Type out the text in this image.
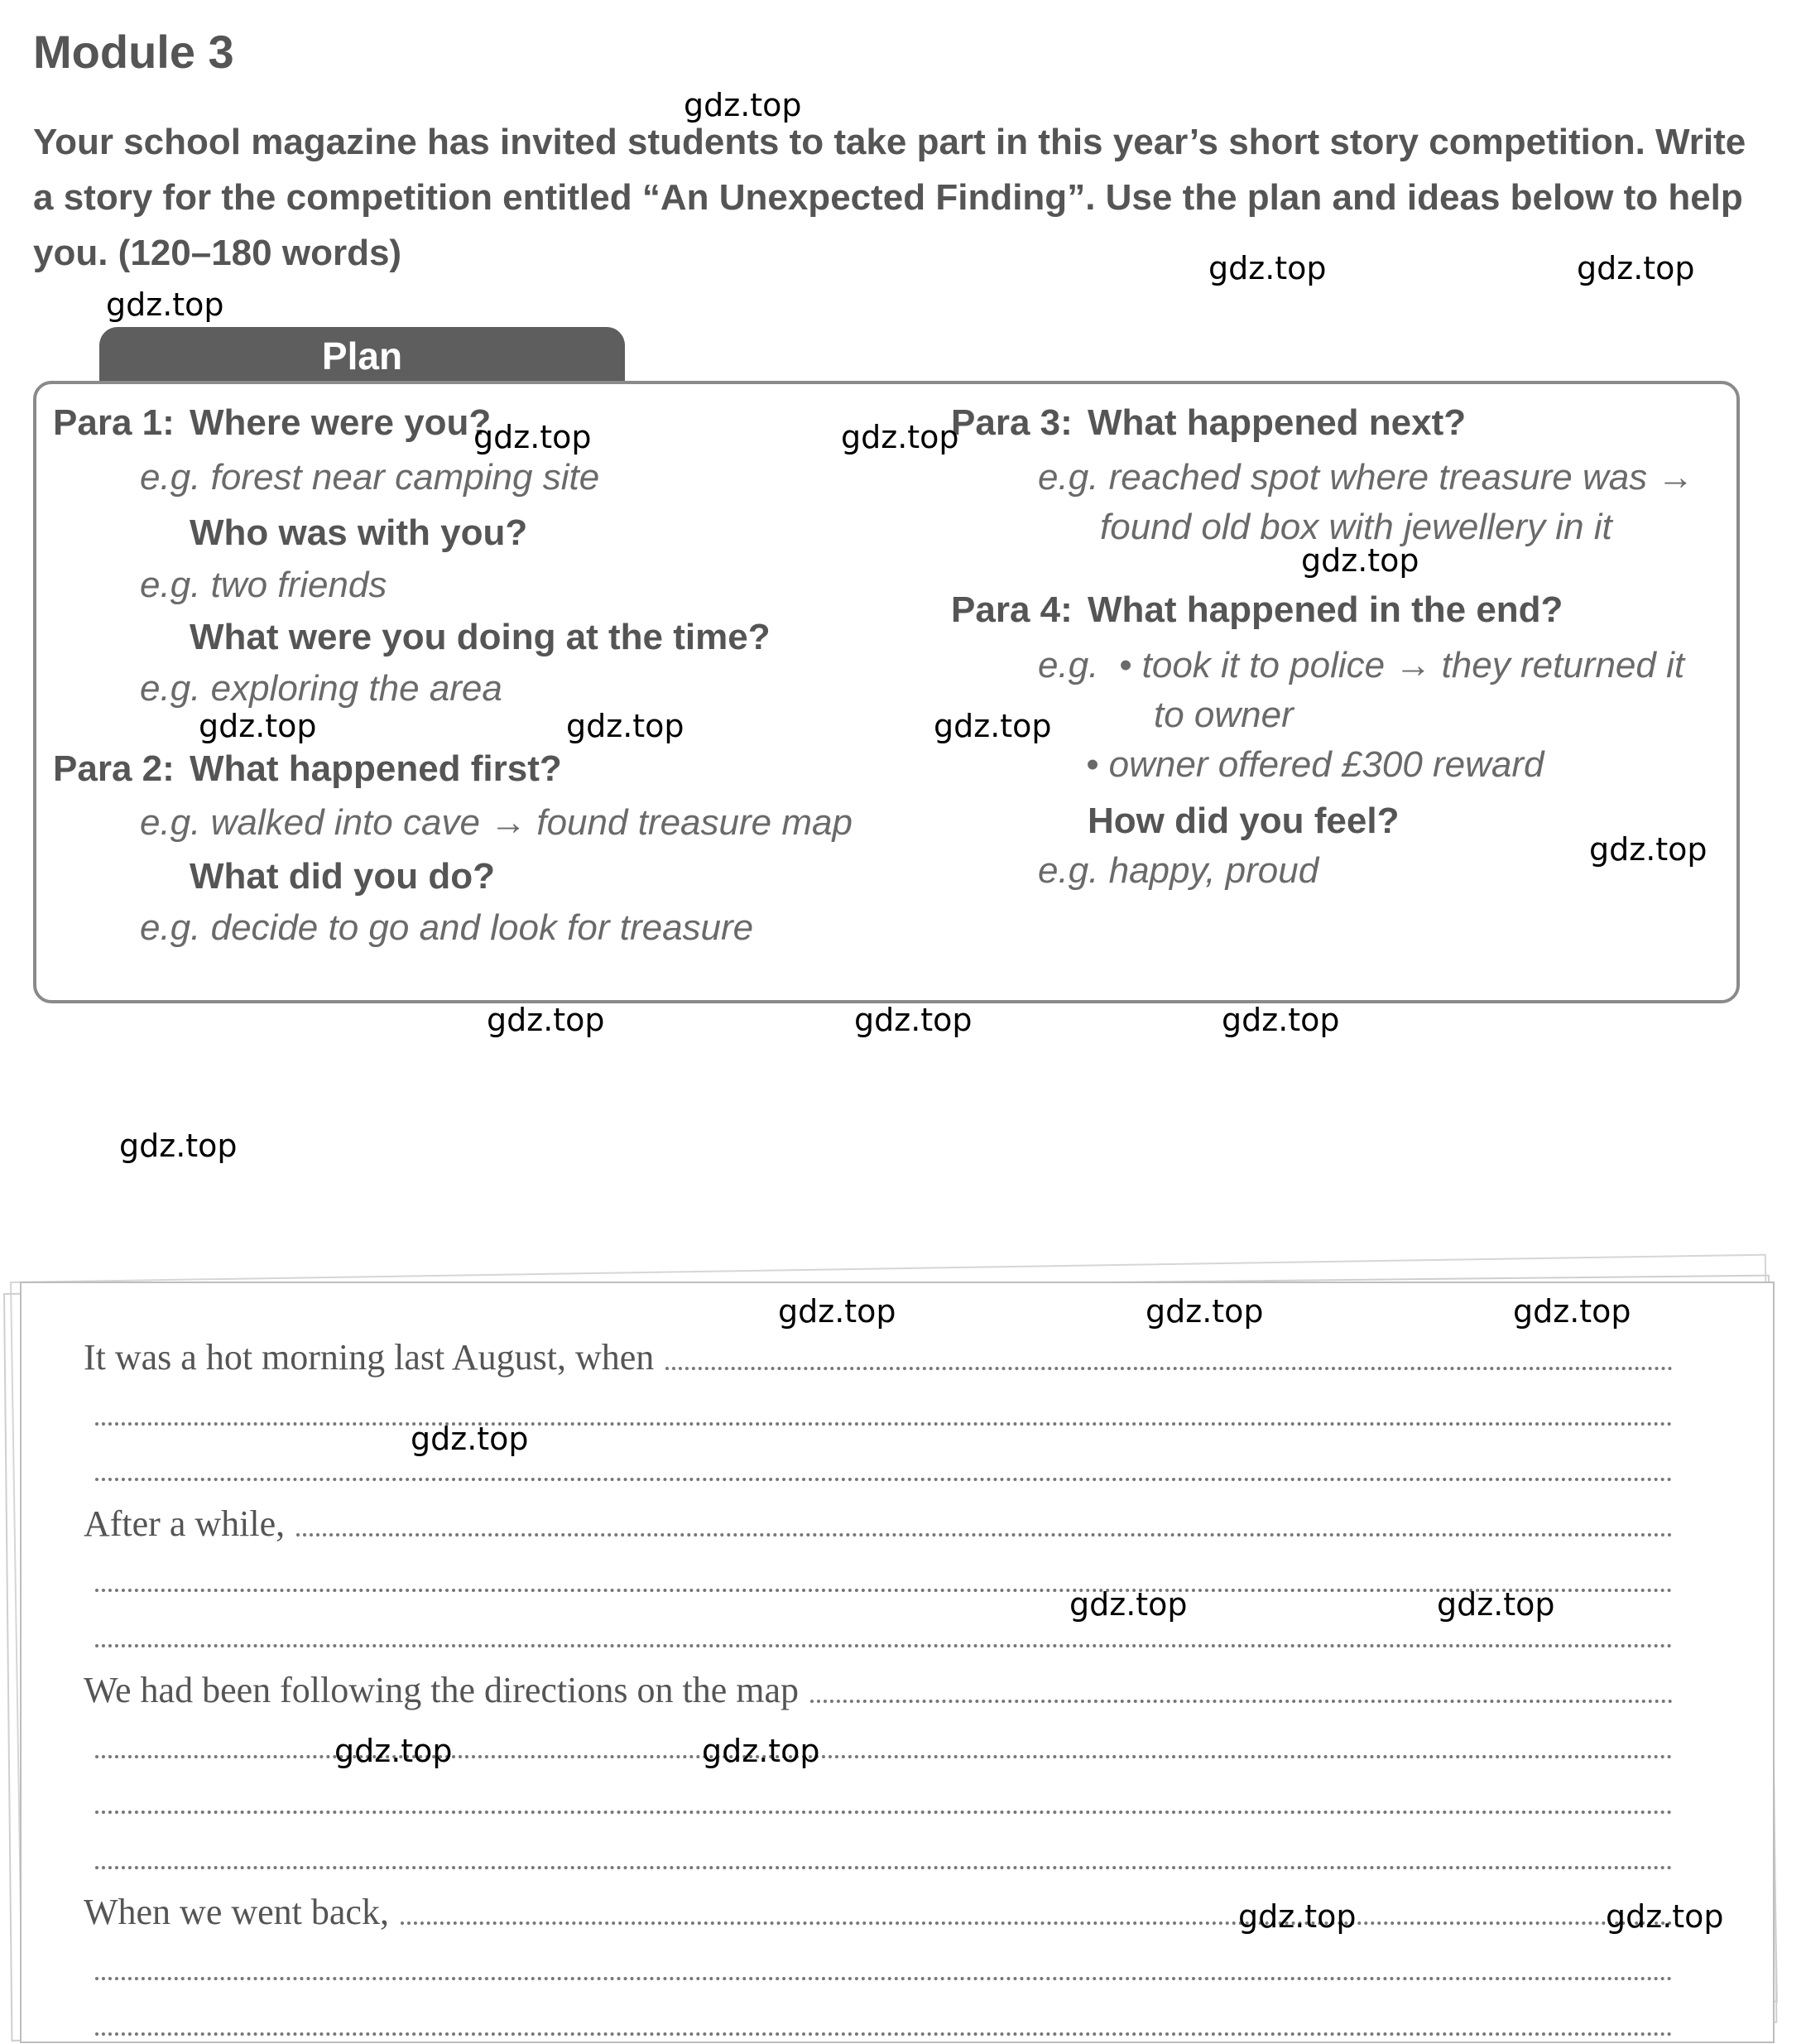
Module 3
Your school magazine has invited students to take part in this year’s short story competition. Write
a story for the competition entitled “An Unexpected Finding”. Use the plan and ideas below to help
you. (120–180 words)
Plan
Para 1: Where were you?
e.g. forest near camping site
Who was with you?
e.g. two friends
What were you doing at the time?
e.g. exploring the area
Para 2: What happened first?
e.g. walked into cave → found treasure map
What did you do?
e.g. decide to go and look for treasure
Para 3: What happened next?
e.g. reached spot where treasure was →
found old box with jewellery in it
Para 4: What happened in the end?
e.g. • took it to police → they returned it
to owner
• owner offered £300 reward
How did you feel?
e.g. happy, proud
It was a hot morning last August, when
After a while,
We had been following the directions on the map
When we went back,
gdz.top
gdz.top	gdz.top
gdz.top
gdz.top	gdz.top
gdz.top
gdz.top	gdz.top	gdz.top
gdz.top
gdz.top	gdz.top	gdz.top
gdz.top
gdz.top	gdz.top	gdz.top
gdz.top
gdz.top	gdz.top
gdz.top	gdz.top
gdz.top	gdz.top
